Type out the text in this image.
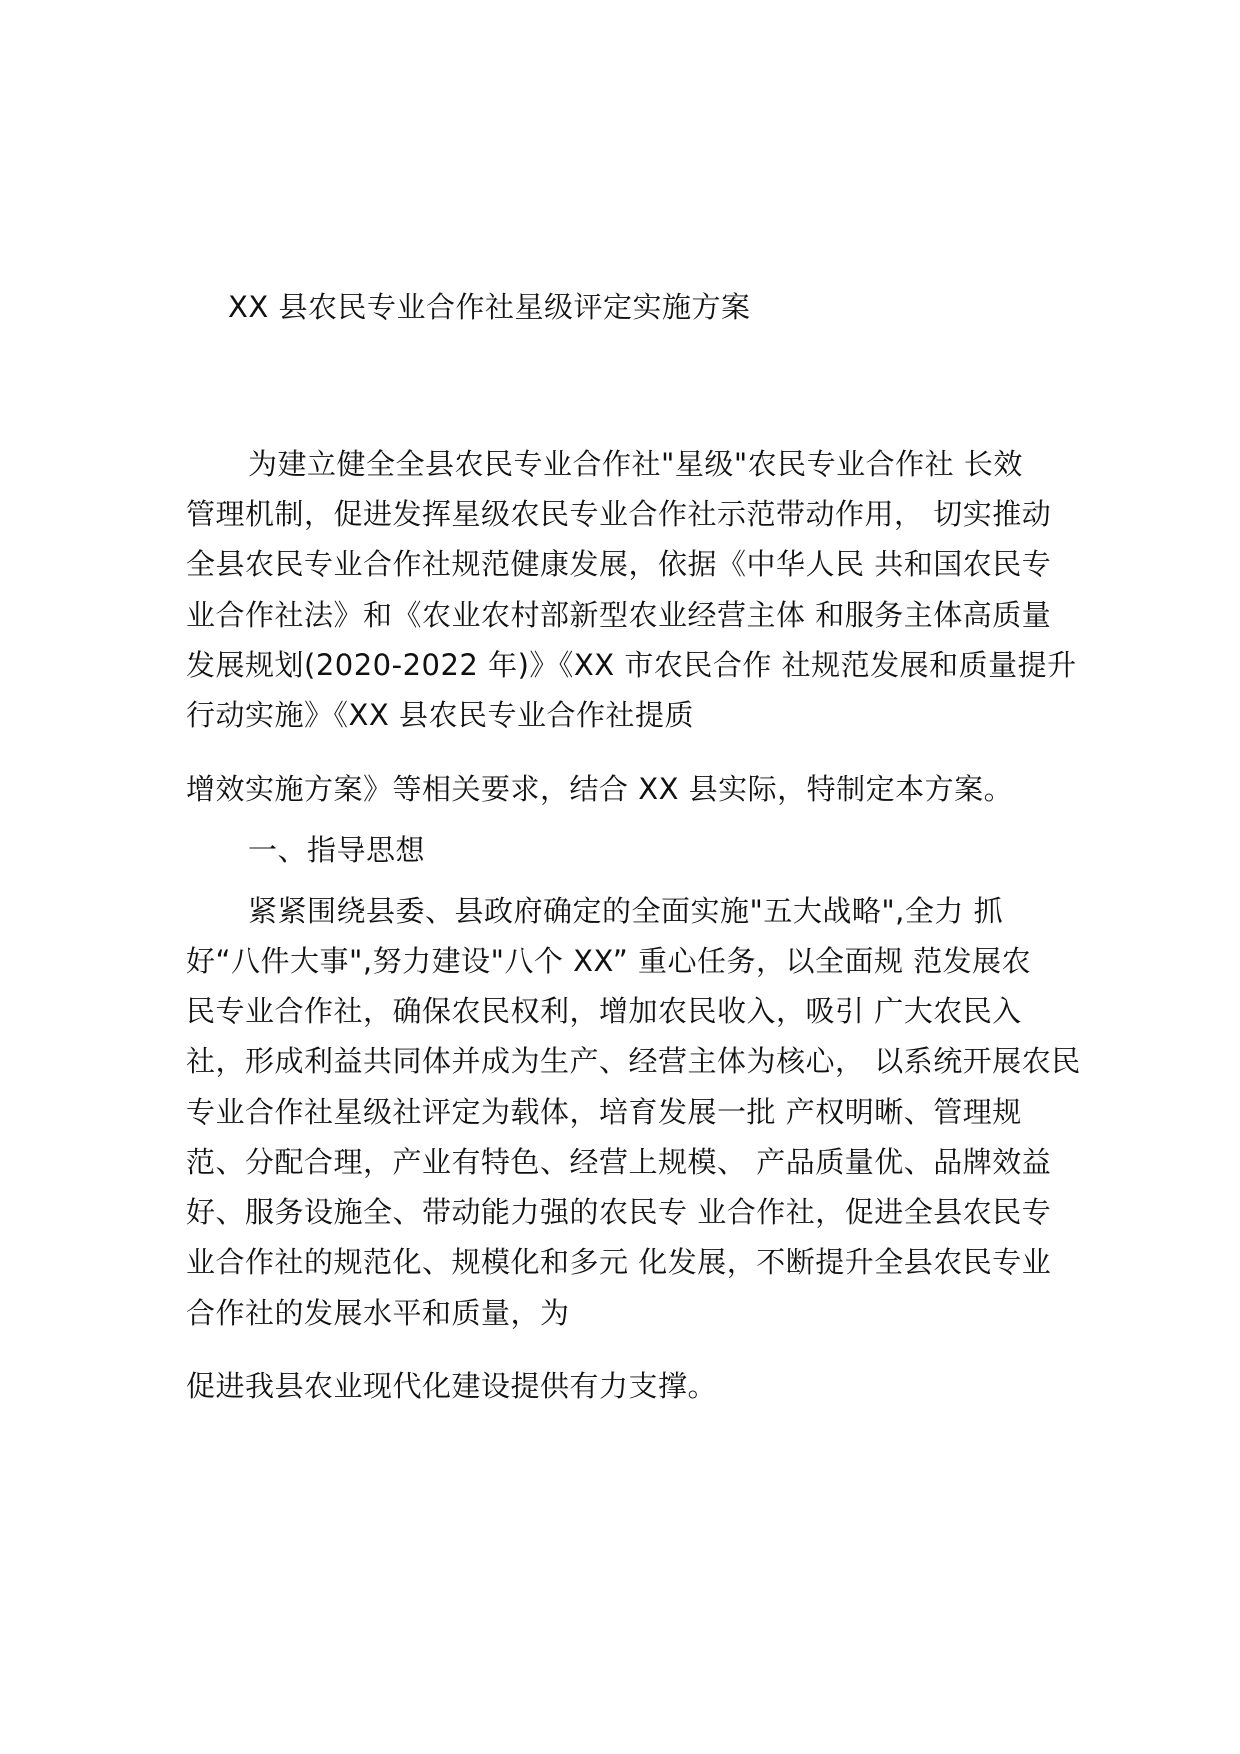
XX 县农民专业合作社星级评定实施方案
为建立健全全县农民专业合作社"星级"农民专业合作社 长效
管理机制，促进发挥星级农民专业合作社示范带动作用， 切实推动
全县农民专业合作社规范健康发展，依据《中华人民 共和国农民专
业合作社法》和《农业农村部新型农业经营主体 和服务主体高质量
发展规划(2020-2022 年)》《XX 市农民合作 社规范发展和质量提升
行动实施》《XX 县农民专业合作社提质
增效实施方案》等相关要求，结合 XX 县实际，特制定本方案。
一、指导思想
紧紧围绕县委、县政府确定的全面实施"五大战略",全力 抓
好“八件大事",努力建设"八个 XX” 重心任务，以全面规 范发展农
民专业合作社，确保农民权利，增加农民收入，吸引 广大农民入
社，形成利益共同体并成为生产、经营主体为核心， 以系统开展农民
专业合作社星级社评定为载体，培育发展一批 产权明晰、管理规
范、分配合理，产业有特色、经营上规模、 产品质量优、品牌效益
好、服务设施全、带动能力强的农民专 业合作社，促进全县农民专
业合作社的规范化、规模化和多元 化发展，不断提升全县农民专业
合作社的发展水平和质量，为
促进我县农业现代化建设提供有力支撑。
